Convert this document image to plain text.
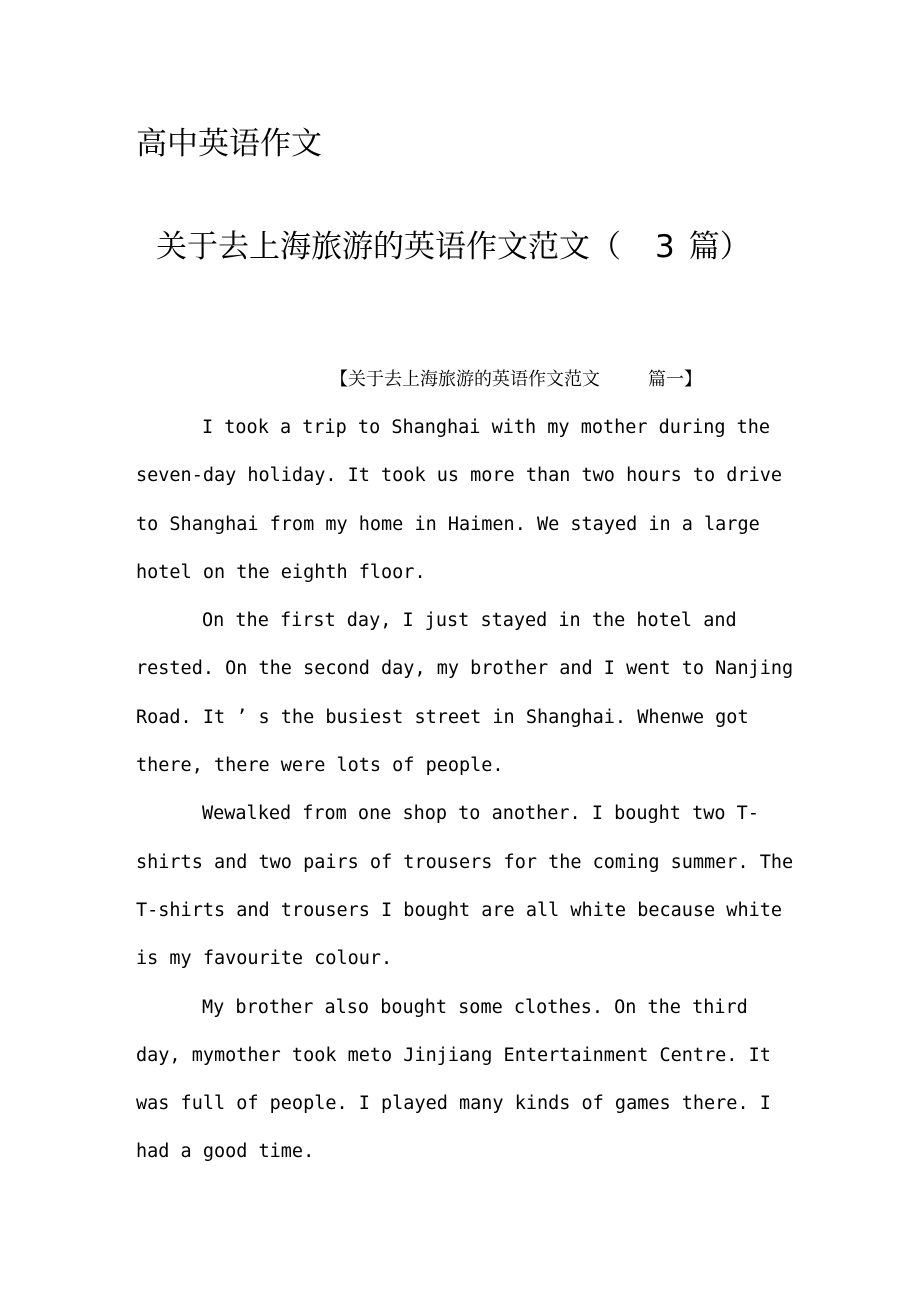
高中英语作文
关于去上海旅游的英语作文范文（ 3 篇）
【关于去上海旅游的英语作文范文	篇一】

I took a trip to Shanghai with my mother during the seven-day holiday. It took us more than two hours to drive to Shanghai from my home in Haimen. We stayed in a large hotel on the eighth floor.

On the first day, I just stayed in the hotel and rested. On the second day, my brother and I went to Nanjing Road. It ’ s the busiest street in Shanghai. Whenwe got there, there were lots of people.

Wewalked from one shop to another. I bought two T-shirts and two pairs of trousers for the coming summer. The T-shirts and trousers I bought are all white because white is my favourite colour.

My brother also bought some clothes. On the third day, mymother took meto Jinjiang Entertainment Centre. It was full of people. I played many kinds of games there. I had a good time.
